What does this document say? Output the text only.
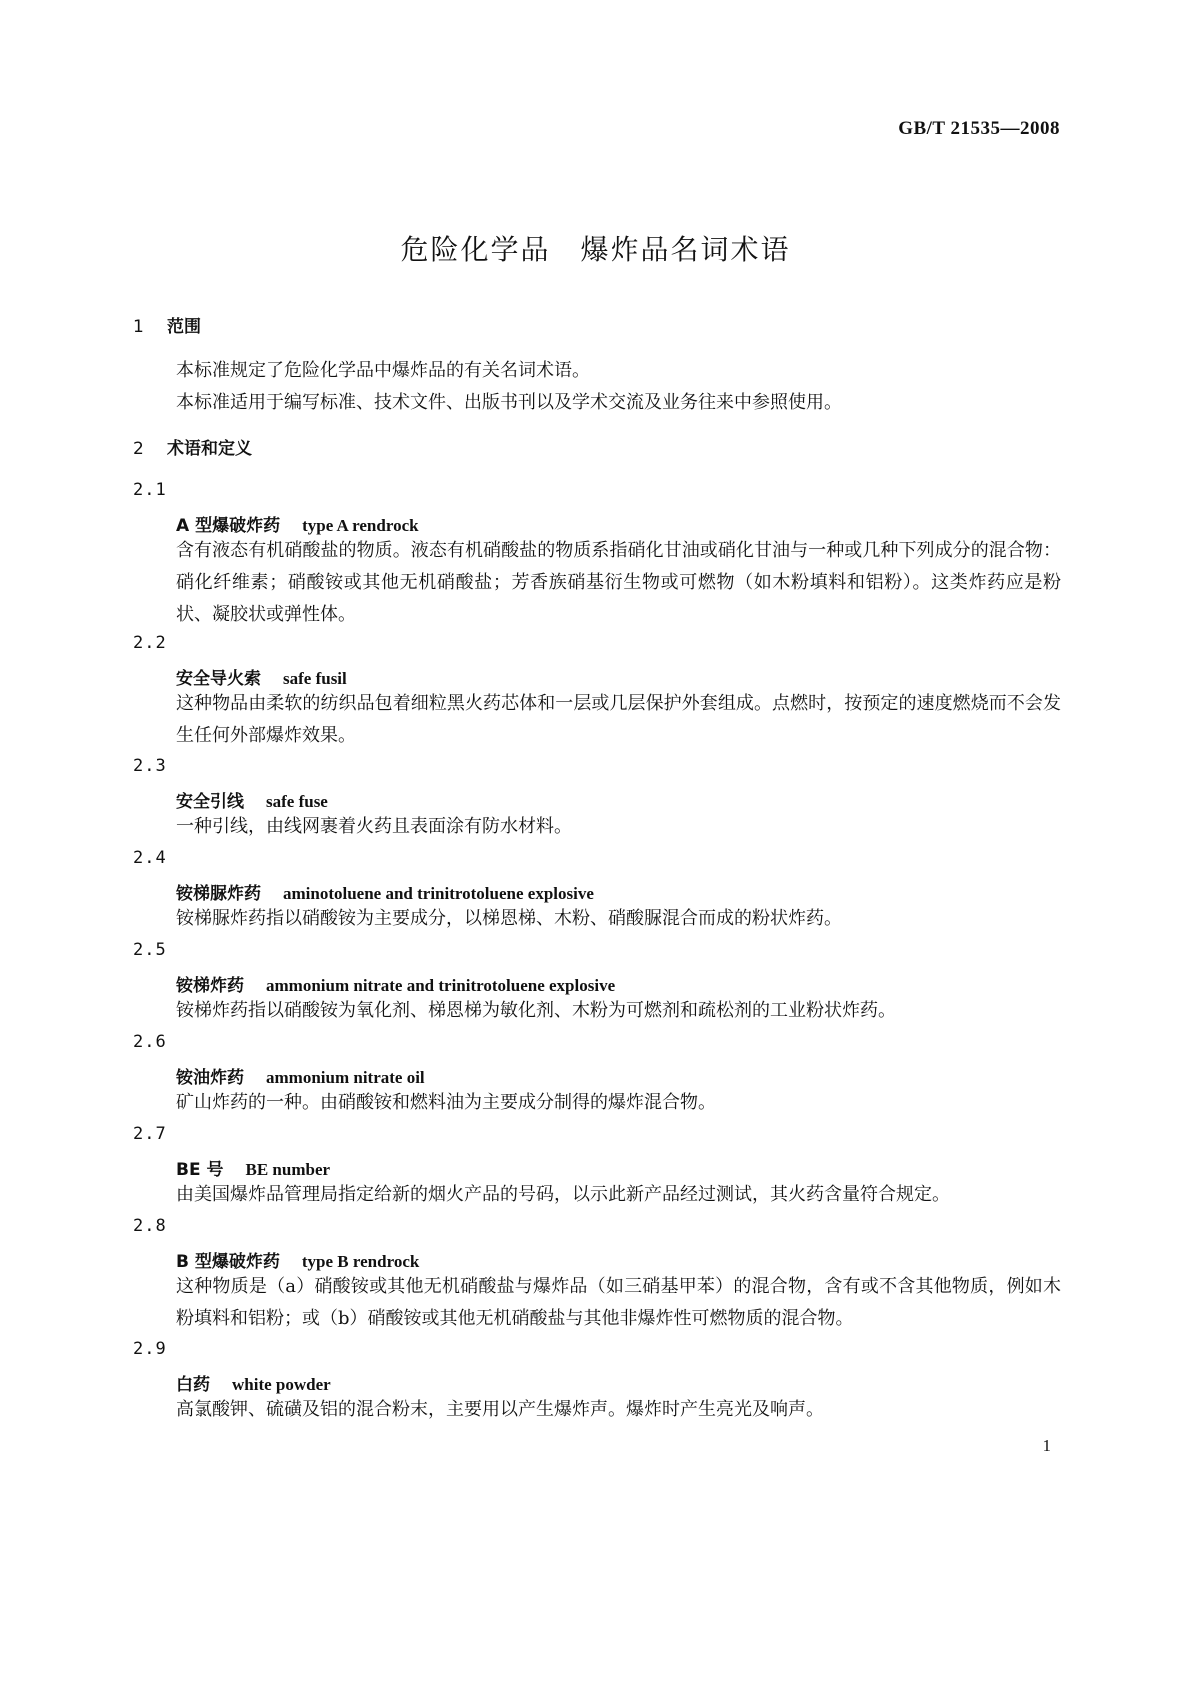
GB/T 21535—2008
危险化学品　爆炸品名词术语
1 范围
本标准规定了危险化学品中爆炸品的有关名词术语。
本标准适用于编写标准、技术文件、出版书刊以及学术交流及业务往来中参照使用。
2 术语和定义
2.1
A 型爆破炸药 type A rendrock
含有液态有机硝酸盐的物质。液态有机硝酸盐的物质系指硝化甘油或硝化甘油与一种或几种下列成分的混合物：硝化纤维素；硝酸铵或其他无机硝酸盐；芳香族硝基衍生物或可燃物（如木粉填料和铝粉）。这类炸药应是粉状、凝胶状或弹性体。
2.2
安全导火索 safe fusil
这种物品由柔软的纺织品包着细粒黑火药芯体和一层或几层保护外套组成。点燃时，按预定的速度燃烧而不会发生任何外部爆炸效果。
2.3
安全引线 safe fuse
一种引线，由线网裹着火药且表面涂有防水材料。
2.4
铵梯脲炸药 aminotoluene and trinitrotoluene explosive
铵梯脲炸药指以硝酸铵为主要成分，以梯恩梯、木粉、硝酸脲混合而成的粉状炸药。
2.5
铵梯炸药 ammonium nitrate and trinitrotoluene explosive
铵梯炸药指以硝酸铵为氧化剂、梯恩梯为敏化剂、木粉为可燃剂和疏松剂的工业粉状炸药。
2.6
铵油炸药 ammonium nitrate oil
矿山炸药的一种。由硝酸铵和燃料油为主要成分制得的爆炸混合物。
2.7
BE 号 BE number
由美国爆炸品管理局指定给新的烟火产品的号码，以示此新产品经过测试，其火药含量符合规定。
2.8
B 型爆破炸药 type B rendrock
这种物质是（a）硝酸铵或其他无机硝酸盐与爆炸品（如三硝基甲苯）的混合物，含有或不含其他物质，例如木粉填料和铝粉；或（b）硝酸铵或其他无机硝酸盐与其他非爆炸性可燃物质的混合物。
2.9
白药 white powder
高氯酸钾、硫磺及铝的混合粉末，主要用以产生爆炸声。爆炸时产生亮光及响声。
1
